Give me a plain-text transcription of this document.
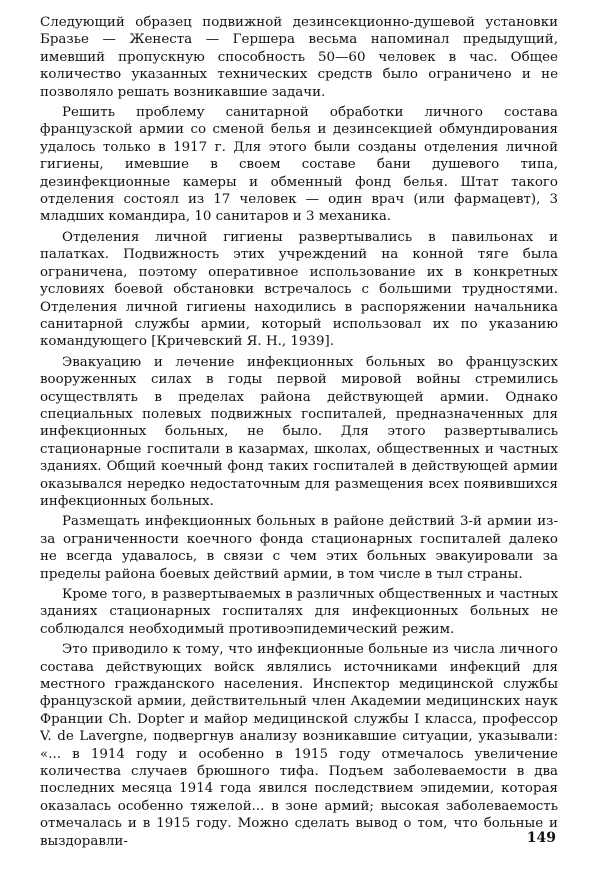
Следующий образец подвижной дезинсекционно-душевой установки Бразье — Женеста — Гершера весьма напоминал предыдущий, имевший пропускную способность 50—60 человек в час. Общее количество указанных технических средств было ограничено и не позволяло решать возникавшие задачи.

Решить проблему санитарной обработки личного состава французской армии со сменой белья и дезинсекцией обмундирования удалось только в 1917 г. Для этого были созданы отделения личной гигиены, имевшие в своем составе бани душевого типа, дезинфекционные камеры и обменный фонд белья. Штат такого отделения состоял из 17 человек — один врач (или фармацевт), 3 младших командира, 10 санитаров и 3 механика.

Отделения личной гигиены развертывались в павильонах и палатках. Подвижность этих учреждений на конной тяге была ограничена, поэтому оперативное использование их в конкретных условиях боевой обстановки встречалось с большими трудностями. Отделения личной гигиены находились в распоряжении начальника санитарной службы армии, который использовал их по указанию командующего [Кричевский Я. Н., 1939].

Эвакуацию и лечение инфекционных больных во французских вооруженных силах в годы первой мировой войны стремились осуществлять в пределах района действующей армии. Однако специальных полевых подвижных госпиталей, предназначенных для инфекционных больных, не было. Для этого развертывались стационарные госпитали в казармах, школах, общественных и частных зданиях. Общий коечный фонд таких госпиталей в действующей армии оказывался нередко недостаточным для размещения всех появившихся инфекционных больных.

Размещать инфекционных больных в районе действий 3-й армии из-за ограниченности коечного фонда стационарных госпиталей далеко не всегда удавалось, в связи с чем этих больных эвакуировали за пределы района боевых действий армии, в том числе в тыл страны.

Кроме того, в развертываемых в различных общественных и частных зданиях стационарных госпиталях для инфекционных больных не соблюдался необходимый противоэпидемический режим.

Это приводило к тому, что инфекционные больные из числа личного состава действующих войск являлись источниками инфекций для местного гражданского населения. Инспектор медицинской службы французской армии, действительный член Академии медицинских наук Франции Ch. Dopter и майор медицинской службы I класса, профессор V. de Lavergne, подвергнув анализу возникавшие ситуации, указывали: «... в 1914 году и особенно в 1915 году отмечалось увеличение количества случаев брюшного тифа. Подъем заболеваемости в два последних месяца 1914 года явился последствием эпидемии, которая оказалась особенно тяжелой... в зоне армий; высокая заболеваемость отмечалась и в 1915 году. Можно сделать вывод о том, что больные и выздоравли-	149
